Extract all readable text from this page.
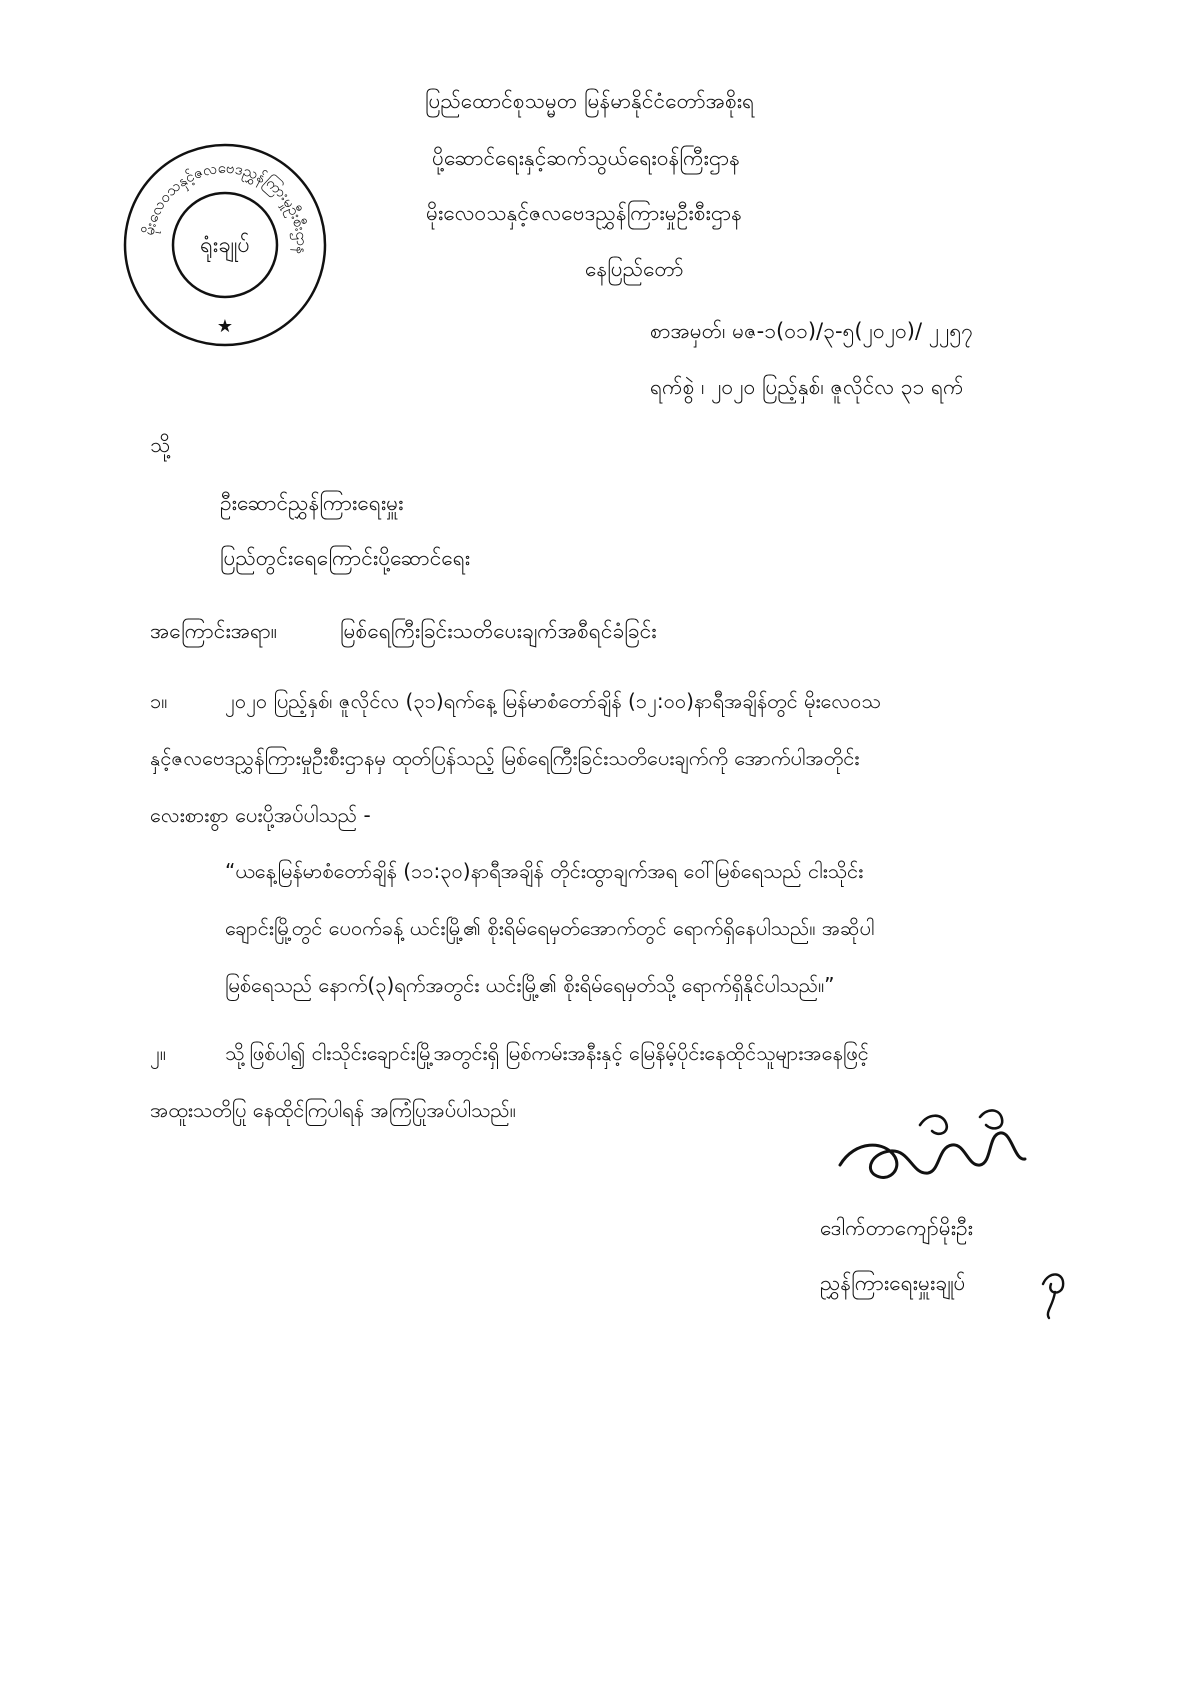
မိုးလေဝသနှင့်ဇလဗေဒညွှန်ကြားမှုဦးစီးဌာန
ရုံးချုပ်
★
ပြည်ထောင်စုသမ္မတ မြန်မာနိုင်ငံတော်အစိုးရ
ပို့ဆောင်ရေးနှင့်ဆက်သွယ်ရေးဝန်ကြီးဌာန
မိုးလေဝသနှင့်ဇလဗေဒညွှန်ကြားမှုဦးစီးဌာန
နေပြည်တော်
စာအမှတ်၊ မဇ-၁(၀၁)/၃-၅(၂၀၂၀)/ ၂၂၅၇
ရက်စွဲ ၊ ၂၀၂၀ ပြည့်နှစ်၊ ဇူလိုင်လ ၃၁ ရက်
သို့
ဦးဆောင်ညွှန်ကြားရေးမှူး
ပြည်တွင်းရေကြောင်းပို့ဆောင်ရေး
အကြောင်းအရာ။	မြစ်ရေကြီးခြင်းသတိပေးချက်အစီရင်ခံခြင်း
၁။	၂၀၂၀ ပြည့်နှစ်၊ ဇူလိုင်လ (၃၁)ရက်နေ့ မြန်မာစံတော်ချိန် (၁၂:၀၀)နာရီအချိန်တွင် မိုးလေဝသ
နှင့်ဇလဗေဒညွှန်ကြားမှုဦးစီးဌာနမှ ထုတ်ပြန်သည့် မြစ်ရေကြီးခြင်းသတိပေးချက်ကို အောက်ပါအတိုင်း
လေးစားစွာ ပေးပို့အပ်ပါသည် -
“ယနေ့မြန်မာစံတော်ချိန် (၁၁:၃၀)နာရီအချိန် တိုင်းထွာချက်အရ ဝေါ်မြစ်ရေသည် ငါးသိုင်း
ချောင်းမြို့တွင် ပေဝက်ခန့် ယင်းမြို့၏ စိုးရိမ်ရေမှတ်အောက်တွင် ရောက်ရှိနေပါသည်။ အဆိုပါ
မြစ်ရေသည် နောက်(၃)ရက်အတွင်း ယင်းမြို့၏ စိုးရိမ်ရေမှတ်သို့ ရောက်ရှိနိုင်ပါသည်။”
၂။	သို့ဖြစ်ပါ၍ ငါးသိုင်းချောင်းမြို့အတွင်းရှိ မြစ်ကမ်းအနီးနှင့် မြေနိမ့်ပိုင်းနေထိုင်သူများအနေဖြင့်
အထူးသတိပြု နေထိုင်ကြပါရန် အကြံပြုအပ်ပါသည်။
ဒေါက်တာကျော်မိုးဦး
ညွှန်ကြားရေးမှူးချုပ်
